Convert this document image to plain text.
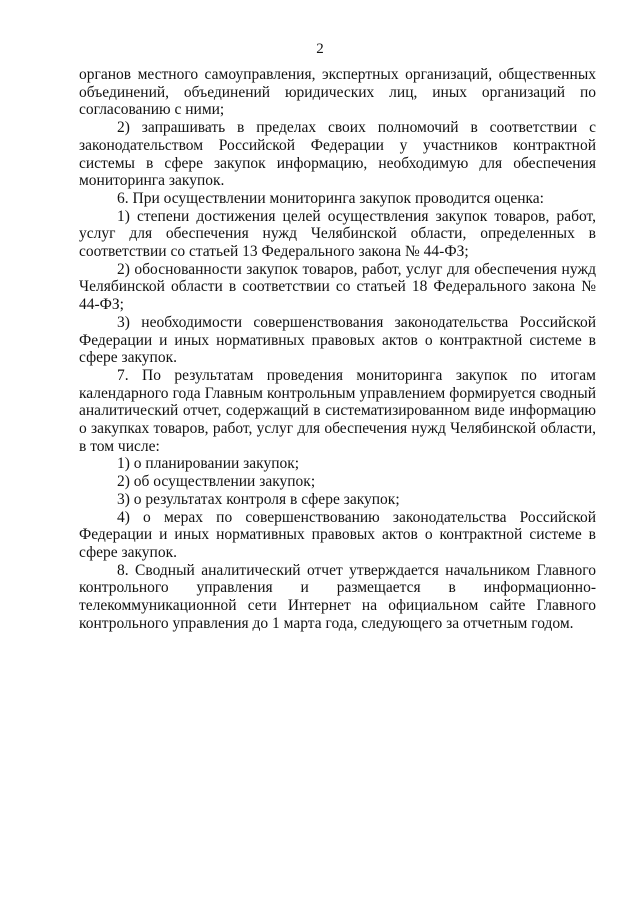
2

органов местного самоуправления, экспертных организаций, общественных объединений, объединений юридических лиц, иных организаций по согласованию с ними;

2) запрашивать в пределах своих полномочий в соответствии с законодательством Российской Федерации у участников контрактной системы в сфере закупок информацию, необходимую для обеспечения мониторинга закупок.

6. При осуществлении мониторинга закупок проводится оценка:

1) степени достижения целей осуществления закупок товаров, работ, услуг для обеспечения нужд Челябинской области, определенных в соответствии со статьей 13 Федерального закона № 44-ФЗ;

2) обоснованности закупок товаров, работ, услуг для обеспечения нужд Челябинской области в соответствии со статьей 18 Федерального закона № 44-ФЗ;

3) необходимости совершенствования законодательства Российской Федерации и иных нормативных правовых актов о контрактной системе в сфере закупок.

7. По результатам проведения мониторинга закупок по итогам календарного года Главным контрольным управлением формируется сводный аналитический отчет, содержащий в систематизированном виде информацию о закупках товаров, работ, услуг для обеспечения нужд Челябинской области, в том числе:

1) о планировании закупок;

2) об осуществлении закупок;

3) о результатах контроля в сфере закупок;

4) о мерах по совершенствованию законодательства Российской Федерации и иных нормативных правовых актов о контрактной системе в сфере закупок.

8. Сводный аналитический отчет утверждается начальником Главного контрольного управления и размещается в информационно-телекоммуникационной сети Интернет на официальном сайте Главного контрольного управления до 1 марта года, следующего за отчетным годом.
